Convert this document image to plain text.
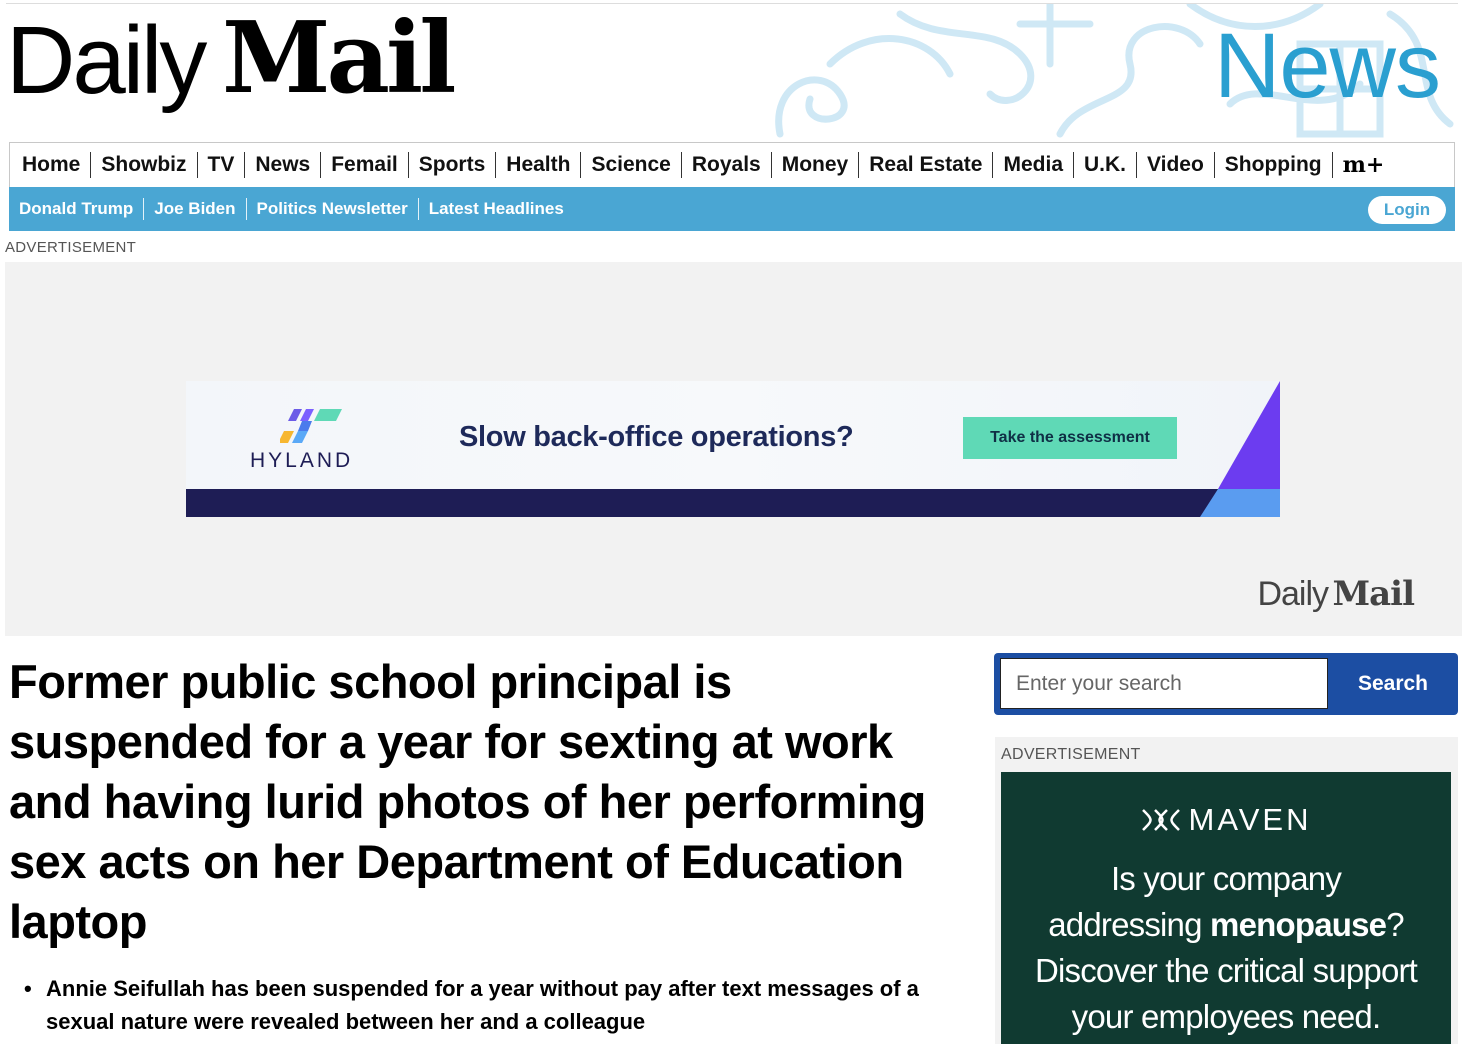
Daily Mail	News
Home	Showbiz	TV	News	Femail	Sports	Health	Science	Royals	Money	Real Estate	Media	U.K.	Video	Shopping m+
Donald Trump	Joe Biden	Politics Newsletter	Latest Headlines	Login
ADVERTISEMENT
HYLAND
Slow back-office operations?	Take the assessment
Daily Mail
Former public school principal is suspended for a year for sexting at work and having lurid photos of her performing sex acts on her Department of Education laptop
• Annie Seifullah has been suspended for a year without pay after text messages of a sexual nature were revealed between her and a colleague
Enter your search
Search
ADVERTISEMENT
MAVEN
Is your company
addressing menopause?
Discover the critical support
your employees need.
